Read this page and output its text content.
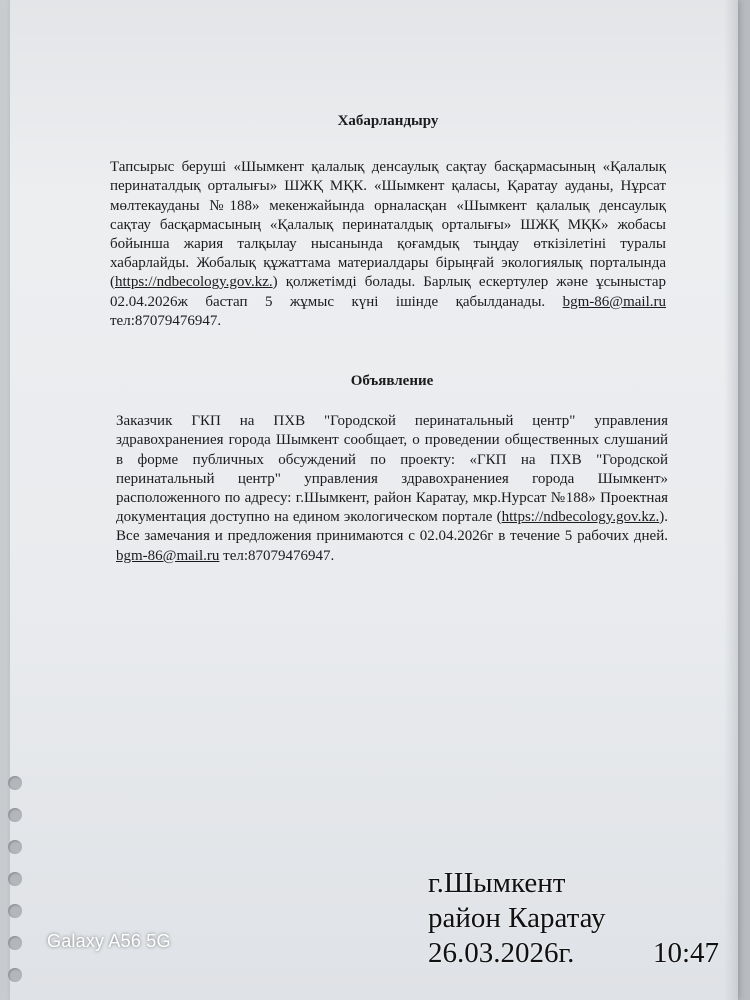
Хабарландыру

Тапсырыс беруші «Шымкент қалалық денсаулық сақтау басқармасының «Қалалық перинаталдық орталығы» ШЖҚ МҚК. «Шымкент қаласы, Қаратау ауданы, Нұрсат мөлтекауданы №188» мекенжайында орналасқан «Шымкент қалалық денсаулық сақтау басқармасының «Қалалық перинаталдық орталығы» ШЖҚ МҚК» жобасы бойынша жария талқылау нысанында қоғамдық тыңдау өткізілетіні туралы хабарлайды. Жобалық құжаттама материалдары бірыңғай экологиялық порталында (https://ndbecology.gov.kz.) қолжетімді болады. Барлық ескертулер және ұсыныстар 02.04.2026ж бастап 5 жұмыс күні ішінде қабылданады. bgm-86@mail.ru тел:87079476947.

Объявление

Заказчик ГКП на ПХВ "Городской перинатальный центр" управления здравохранениея города Шымкент сообщает, о проведении общественных слушаний в форме публичных обсуждений по проекту: «ГКП на ПХВ "Городской перинатальный центр" управления здравохранениея города Шымкент» расположенного по адресу: г.Шымкент, район Каратау, мкр.Нурсат №188» Проектная документация доступно на едином экологическом портале (https://ndbecology.gov.kz.). Все замечания и предложения принимаются с 02.04.2026г в течение 5 рабочих дней. bgm-86@mail.ru тел:87079476947.

г.Шымкент
район Каратау
26.03.2026г.	10:47
Galaxy A56 5G
